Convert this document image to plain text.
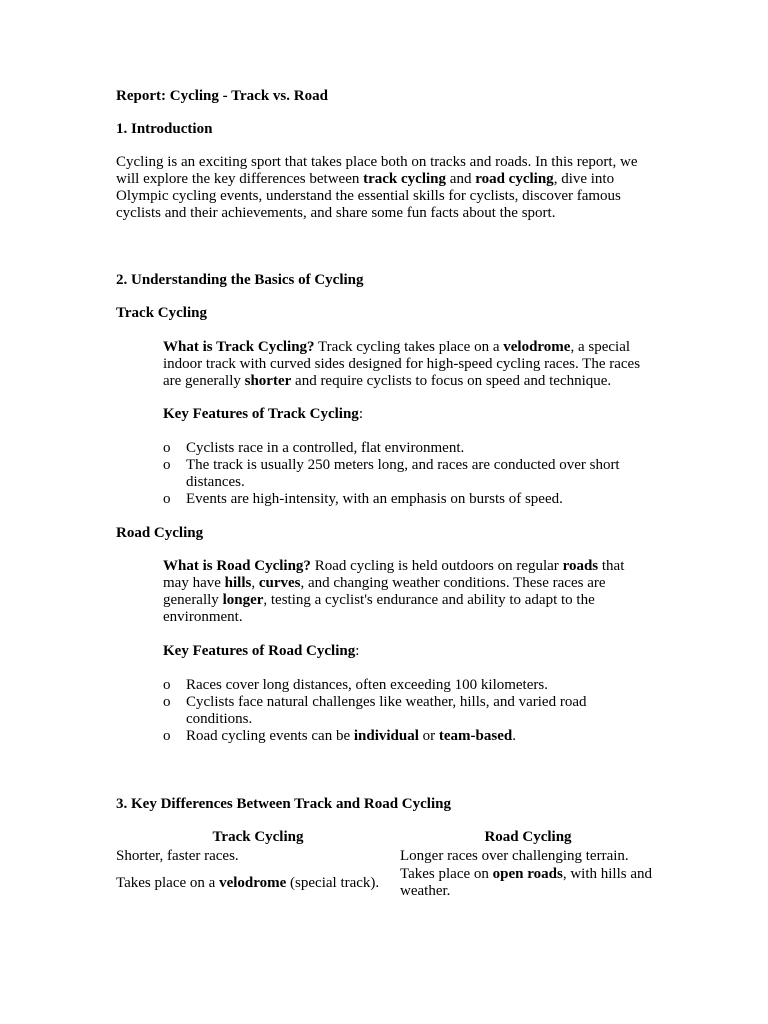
Report: Cycling - Track vs. Road

1. Introduction

Cycling is an exciting sport that takes place both on tracks and roads. In this report, we will explore the key differences between track cycling and road cycling, dive into Olympic cycling events, understand the essential skills for cyclists, discover famous cyclists and their achievements, and share some fun facts about the sport.

2. Understanding the Basics of Cycling

Track Cycling

What is Track Cycling? Track cycling takes place on a velodrome, a special indoor track with curved sides designed for high-speed cycling races. The races are generally shorter and require cyclists to focus on speed and technique.

Key Features of Track Cycling:

o Cyclists race in a controlled, flat environment.
o The track is usually 250 meters long, and races are conducted over short distances.
o Events are high-intensity, with an emphasis on bursts of speed.

Road Cycling

What is Road Cycling? Road cycling is held outdoors on regular roads that may have hills, curves, and changing weather conditions. These races are generally longer, testing a cyclist's endurance and ability to adapt to the environment.

Key Features of Road Cycling:

o Races cover long distances, often exceeding 100 kilometers.
o Cyclists face natural challenges like weather, hills, and varied road conditions.
o Road cycling events can be individual or team-based.

3. Key Differences Between Track and Road Cycling

Track Cycling	Road Cycling
Shorter, faster races.	Longer races over challenging terrain.
Takes place on a velodrome (special track).	Takes place on open roads, with hills and weather.
